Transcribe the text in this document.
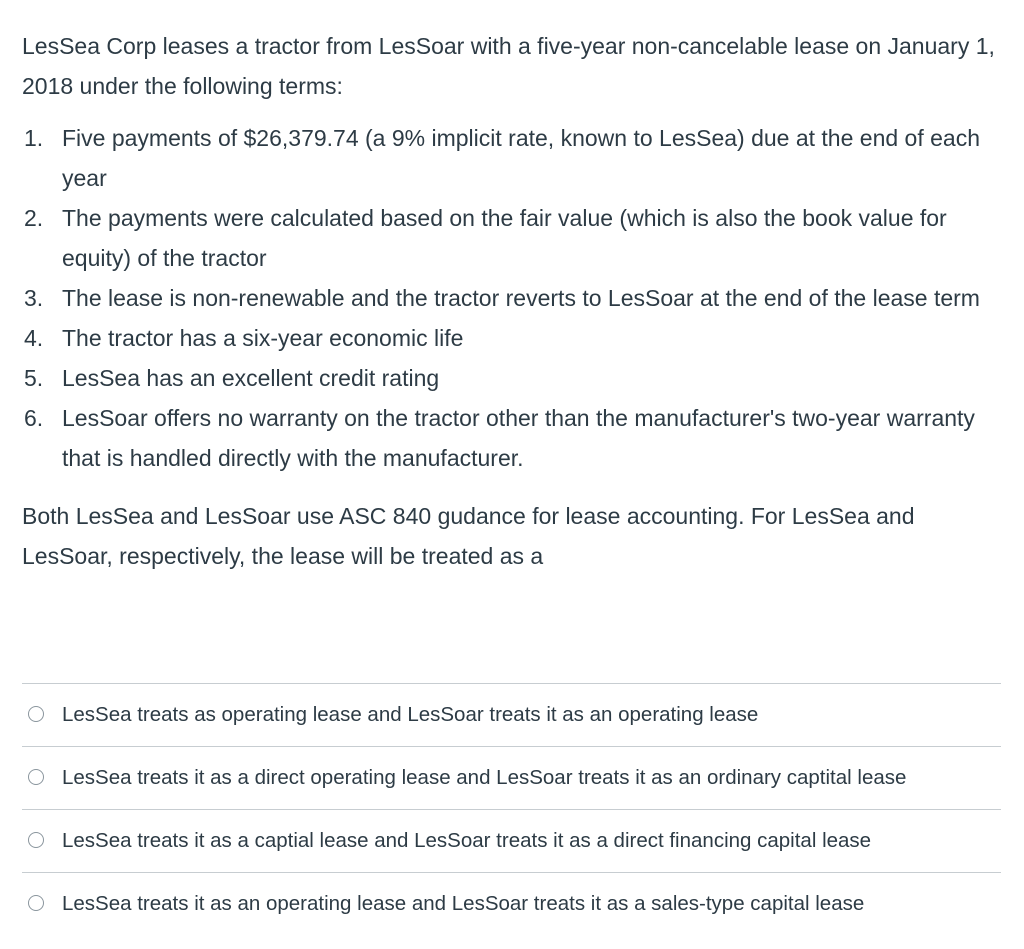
LesSea Corp leases a tractor from LesSoar with a five-year non-cancelable lease on January 1, 2018 under the following terms:

1. Five payments of $26,379.74 (a 9% implicit rate, known to LesSea) due at the end of each year
2. The payments were calculated based on the fair value (which is also the book value for equity) of the tractor
3. The lease is non-renewable and the tractor reverts to LesSoar at the end of the lease term
4. The tractor has a six-year economic life
5. LesSea has an excellent credit rating
6. LesSoar offers no warranty on the tractor other than the manufacturer's two-year warranty that is handled directly with the manufacturer.

Both LesSea and LesSoar use ASC 840 gudance for lease accounting. For LesSea and LesSoar, respectively, the lease will be treated as a

LesSea treats as operating lease and LesSoar treats it as an operating lease
LesSea treats it as a direct operating lease and LesSoar treats it as an ordinary captital lease
LesSea treats it as a captial lease and LesSoar treats it as a direct financing capital lease
LesSea treats it as an operating lease and LesSoar treats it as a sales-type capital lease
